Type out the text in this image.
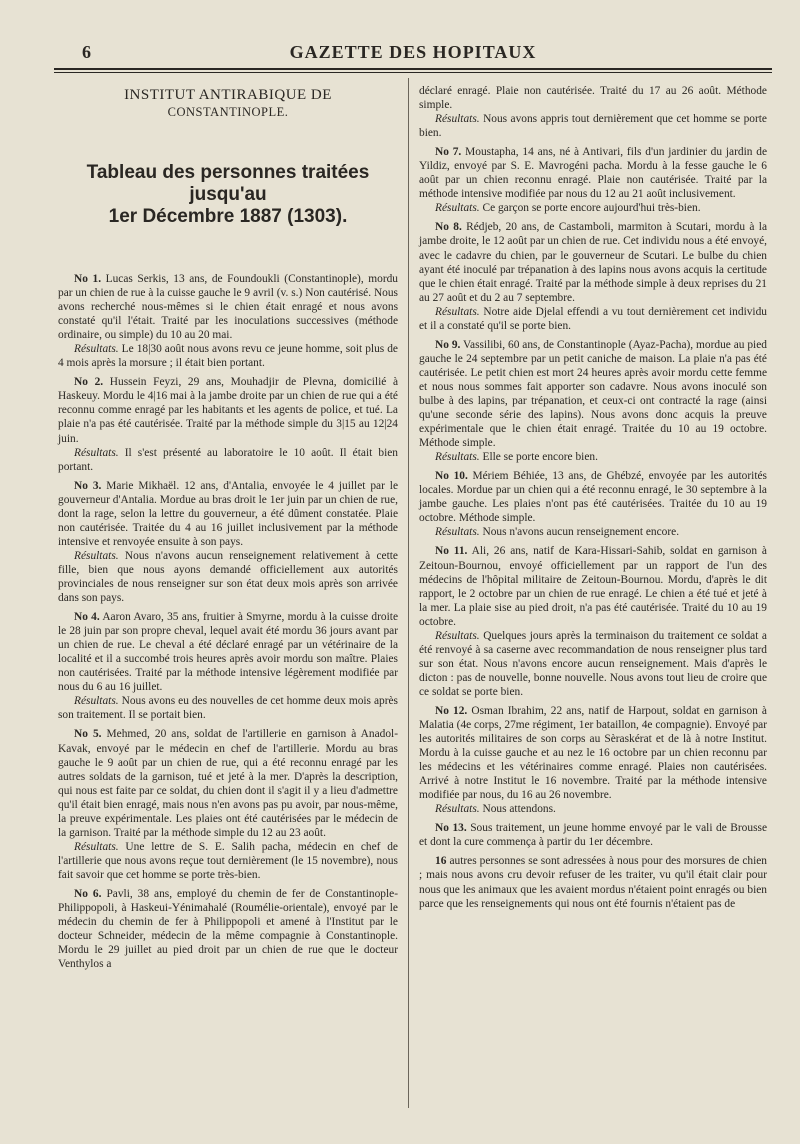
6	GAZETTE DES HOPITAUX
INSTITUT ANTIRABIQUE DE
CONSTANTINOPLE.
Tableau des personnes traitées jusqu'au
1er Décembre 1887 (1303).

No 1. Lucas Serkis, 13 ans, de Foundoukli (Constantinople), mordu par un chien de rue à la cuisse gauche le 9 avril (v. s.) Non cautérisé. Nous avons recherché nous-mêmes si le chien était enragé et nous avons constaté qu'il l'était. Traité par les inoculations successives (méthode ordinaire, ou simple) du 10 au 20 mai.

Résultats. Le 18|30 août nous avons revu ce jeune homme, soit plus de 4 mois après la morsure ; il était bien portant.

No 2. Hussein Feyzi, 29 ans, Mouhadjir de Plevna, domicilié à Haskeuy. Mordu le 4|16 mai à la jambe droite par un chien de rue qui a été reconnu comme enragé par les habitants et les agents de police, et tué. La plaie n'a pas été cautérisée. Traité par la méthode simple du 3|15 au 12|24 juin.

Résultats. Il s'est présenté au laboratoire le 10 août. Il était bien portant.

No 3. Marie Mikhaël. 12 ans, d'Antalia, envoyée le 4 juillet par le gouverneur d'Antalia. Mordue au bras droit le 1er juin par un chien de rue, dont la rage, selon la lettre du gouverneur, a été dûment constatée. Plaie non cautérisée. Traitée du 4 au 16 juillet inclusivement par la méthode intensive et renvoyée ensuite à son pays.

Résultats. Nous n'avons aucun renseignement relativement à cette fille, bien que nous ayons demandé officiellement aux autorités provinciales de nous renseigner sur son état deux mois après son arrivée dans son pays.

No 4. Aaron Avaro, 35 ans, fruitier à Smyrne, mordu à la cuisse droite le 28 juin par son propre cheval, lequel avait été mordu 36 jours avant par un chien de rue. Le cheval a été déclaré enragé par un vétérinaire de la localité et il a succombé trois heures après avoir mordu son maître. Plaies non cautérisées. Traité par la méthode intensive légèrement modifiée par nous du 6 au 16 juillet.

Résultats. Nous avons eu des nouvelles de cet homme deux mois après son traitement. Il se portait bien.

No 5. Mehmed, 20 ans, soldat de l'artillerie en garnison à Anadol-Kavak, envoyé par le médecin en chef de l'artillerie. Mordu au bras gauche le 9 août par un chien de rue, qui a été reconnu enragé par les autres soldats de la garnison, tué et jeté à la mer. D'après la description, qui nous est faite par ce soldat, du chien dont il s'agit il y a lieu d'admettre qu'il était bien enragé, mais nous n'en avons pas pu avoir, par nous-même, la preuve expérimentale. Les plaies ont été cautérisées par le médecin de la garnison. Traité par la méthode simple du 12 au 23 août.

Résultats. Une lettre de S. E. Salih pacha, médecin en chef de l'artillerie que nous avons reçue tout dernièrement (le 15 novembre), nous fait savoir que cet homme se porte très-bien.

No 6. Pavli, 38 ans, employé du chemin de fer de Constantinople-Philippopoli, à Haskeui-Yénimahalé (Roumélie-orientale), envoyé par le médecin du chemin de fer à Philippopoli et amené à l'Institut par le docteur Schneider, médecin de la même compagnie à Constantinople. Mordu le 29 juillet au pied droit par un chien de rue que le docteur Venthylos a

déclaré enragé. Plaie non cautérisée. Traité du 17 au 26 août. Méthode simple.

Résultats. Nous avons appris tout dernièrement que cet homme se porte bien.

No 7. Moustapha, 14 ans, né à Antivari, fils d'un jardinier du jardin de Yildiz, envoyé par S. E. Mavrogéni pacha. Mordu à la fesse gauche le 6 août par un chien reconnu enragé. Plaie non cautérisée. Traité par la méthode intensive modifiée par nous du 12 au 21 août inclusivement.

Résultats. Ce garçon se porte encore aujourd'hui très-bien.

No 8. Rédjeb, 20 ans, de Castamboli, marmiton à Scutari, mordu à la jambe droite, le 12 août par un chien de rue. Cet individu nous a été envoyé, avec le cadavre du chien, par le gouverneur de Scutari. Le bulbe du chien ayant été inoculé par trépanation à des lapins nous avons acquis la certitude que le chien était enragé. Traité par la méthode simple à deux reprises du 21 au 27 août et du 2 au 7 septembre.

Résultats. Notre aide Djelal effendi a vu tout dernièrement cet individu et il a constaté qu'il se porte bien.

No 9. Vassilibi, 60 ans, de Constantinople (Ayaz-Pacha), mordue au pied gauche le 24 septembre par un petit caniche de maison. La plaie n'a pas été cautérisée. Le petit chien est mort 24 heures après avoir mordu cette femme et nous nous sommes fait apporter son cadavre. Nous avons inoculé son bulbe à des lapins, par trépanation, et ceux-ci ont contracté la rage (ainsi qu'une seconde série des lapins). Nous avons donc acquis la preuve expérimentale que le chien était enragé. Traitée du 10 au 19 octobre. Méthode simple.

Résultats. Elle se porte encore bien.

No 10. Mériem Béhiée, 13 ans, de Ghébzé, envoyée par les autorités locales. Mordue par un chien qui a été reconnu enragé, le 30 septembre à la jambe gauche. Les plaies n'ont pas été cautérisées. Traitée du 10 au 19 octobre. Méthode simple.

Résultats. Nous n'avons aucun renseignement encore.

No 11. Ali, 26 ans, natif de Kara-Hissari-Sahib, soldat en garnison à Zeitoun-Bournou, envoyé officiellement par un rapport de l'un des médecins de l'hôpital militaire de Zeitoun-Bournou. Mordu, d'après le dit rapport, le 2 octobre par un chien de rue enragé. Le chien a été tué et jeté à la mer. La plaie sise au pied droit, n'a pas été cautérisée. Traité du 10 au 19 octobre.

Résultats. Quelques jours après la terminaison du traitement ce soldat a été renvoyé à sa caserne avec recommandation de nous renseigner plus tard sur son état. Nous n'avons encore aucun renseignement. Mais d'après le dicton : pas de nouvelle, bonne nouvelle. Nous avons tout lieu de croire que ce soldat se porte bien.

No 12. Osman Ibrahim, 22 ans, natif de Harpout, soldat en garnison à Malatia (4e corps, 27me régiment, 1er bataillon, 4e compagnie). Envoyé par les autorités militaires de son corps au Sèraskérat et de là à notre Institut. Mordu à la cuisse gauche et au nez le 16 octobre par un chien reconnu par les médecins et les vétérinaires comme enragé. Plaies non cautérisées. Arrivé à notre Institut le 16 novembre. Traité par la méthode intensive modifiée par nous, du 16 au 26 novembre.

Résultats. Nous attendons.

No 13. Sous traitement, un jeune homme envoyé par le vali de Brousse et dont la cure commença à partir du 1er décembre.

16 autres personnes se sont adressées à nous pour des morsures de chien ; mais nous avons cru devoir refuser de les traiter, vu qu'il était clair pour nous que les animaux que les avaient mordus n'étaient point enragés ou bien parce que les renseignements qui nous ont été fournis n'étaient pas de
